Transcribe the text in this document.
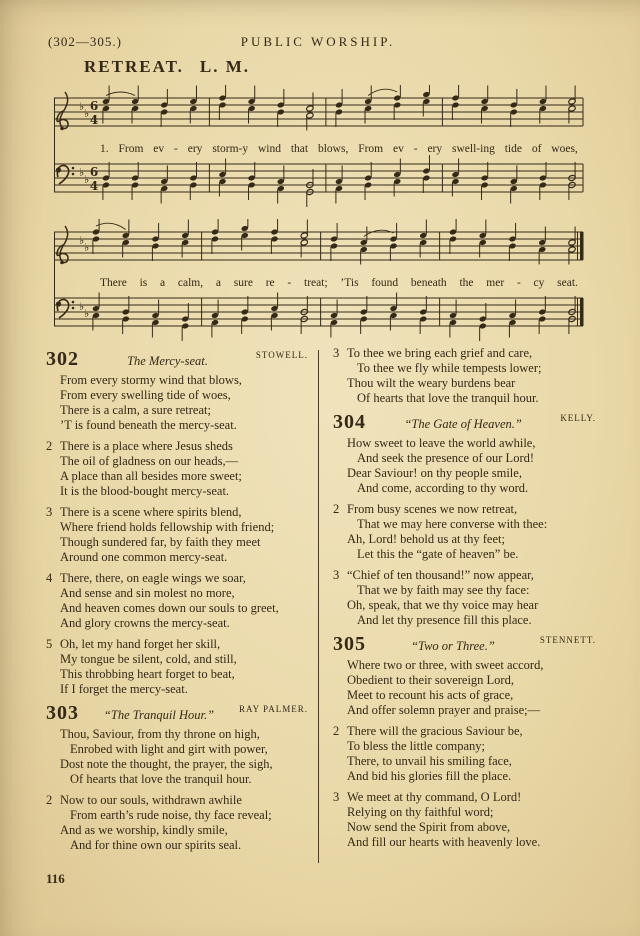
(302—305.)	PUBLIC WORSHIP.
RETREAT. L. M.
♭
♭
6
4
1. From ev - ery storm-y wind that blows, From ev - ery swell-ing tide of woes,
♭
♭
6
4
♭
♭
There is a calm, a sure re - treat; ’Tis found beneath the mer - cy seat.
♭
♭
302	The Mercy-seat.	STOWELL.
From every stormy wind that blows,
From every swelling tide of woes,
There is a calm, a sure retreat;
’T is found beneath the mercy-seat.
2 There is a place where Jesus sheds
The oil of gladness on our heads,—
A place than all besides more sweet;
It is the blood-bought mercy-seat.
3 There is a scene where spirits blend,
Where friend holds fellowship with friend;
Though sundered far, by faith they meet
Around one common mercy-seat.
4 There, there, on eagle wings we soar,
And sense and sin molest no more,
And heaven comes down our souls to greet,
And glory crowns the mercy-seat.
5 Oh, let my hand forget her skill,
My tongue be silent, cold, and still,
This throbbing heart forget to beat,
If I forget the mercy-seat.
303	“The Tranquil Hour.”	RAY PALMER.
Thou, Saviour, from thy throne on high,
Enrobed with light and girt with power,
Dost note the thought, the prayer, the sigh,
Of hearts that love the tranquil hour.
2 Now to our souls, withdrawn awhile
From earth’s rude noise, thy face reveal;
And as we worship, kindly smile,
And for thine own our spirits seal.
3 To thee we bring each grief and care,
To thee we fly while tempests lower;
Thou wilt the weary burdens bear
Of hearts that love the tranquil hour.
304	“The Gate of Heaven.”	KELLY.
How sweet to leave the world awhile,
And seek the presence of our Lord!
Dear Saviour! on thy people smile,
And come, according to thy word.
2 From busy scenes we now retreat,
That we may here converse with thee:
Ah, Lord! behold us at thy feet;
Let this the “gate of heaven” be.
3 “Chief of ten thousand!” now appear,
That we by faith may see thy face:
Oh, speak, that we thy voice may hear
And let thy presence fill this place.
305	“Two or Three.”	STENNETT.
Where two or three, with sweet accord,
Obedient to their sovereign Lord,
Meet to recount his acts of grace,
And offer solemn prayer and praise;—
2 There will the gracious Saviour be,
To bless the little company;
There, to unvail his smiling face,
And bid his glories fill the place.
3 We meet at thy command, O Lord!
Relying on thy faithful word;
Now send the Spirit from above,
And fill our hearts with heavenly love.
116
